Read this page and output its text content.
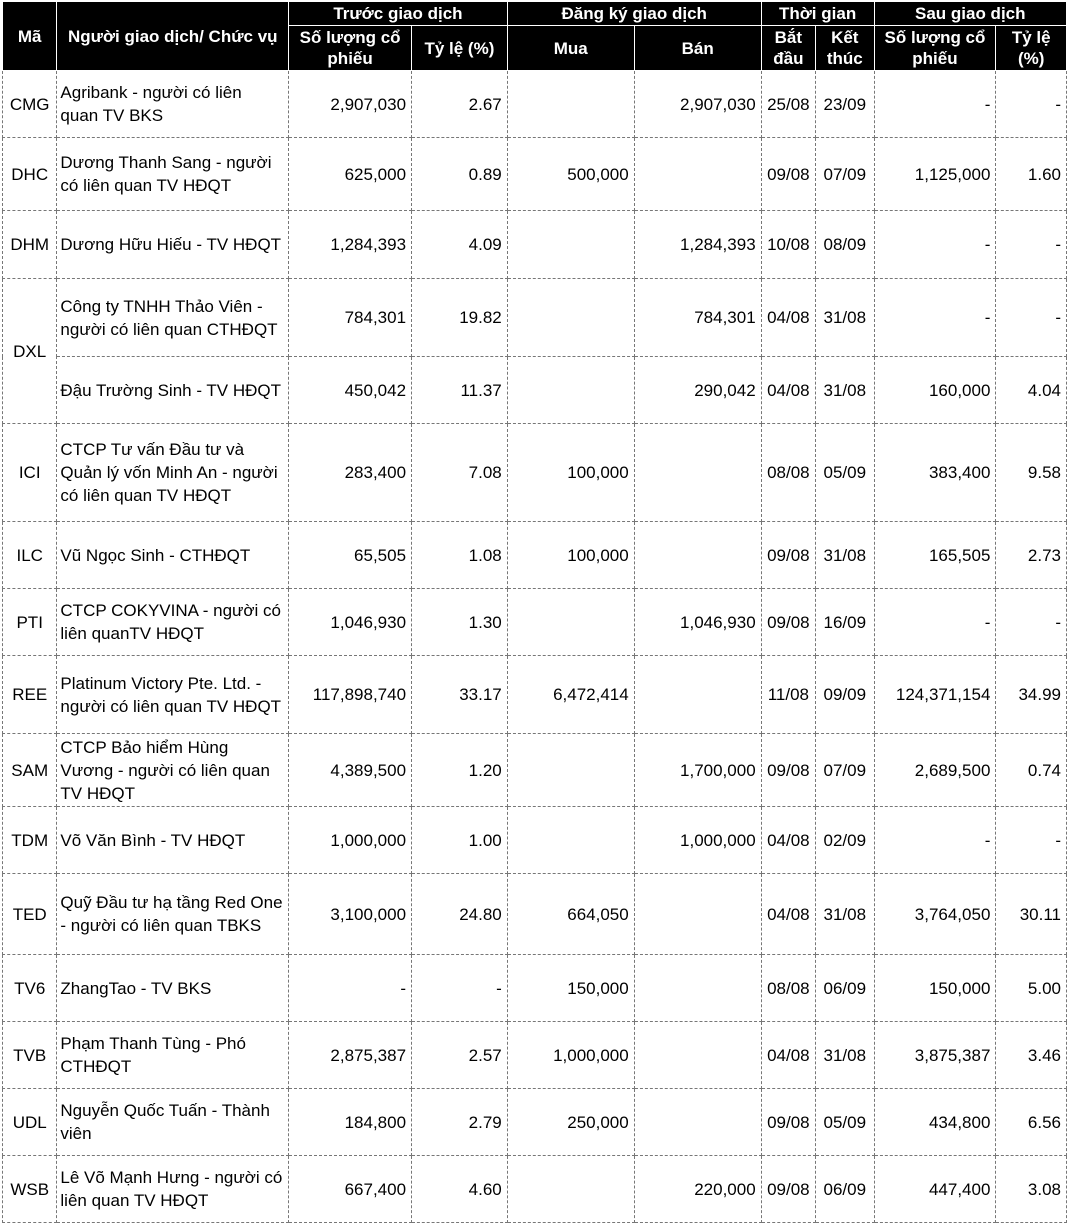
Mã	Người giao dịch/ Chức vụ	Trước giao dịch		Đăng ký giao dịch		Thời gian		Sau giao dịch	
		Số lượng cổ phiếu	Tỷ lệ (%)	Mua	Bán	Bắt đầu	Kết thúc	Số lượng cổ phiếu	Tỷ lệ (%)
CMG	Agribank - người có liên quan TV BKS	2,907,030	2.67		2,907,030	25/08	23/09	-	-
DHC	Dương Thanh Sang - người có liên quan TV HĐQT	625,000	0.89	500,000		09/08	07/09	1,125,000	1.60
DHM	Dương Hữu Hiếu - TV HĐQT	1,284,393	4.09		1,284,393	10/08	08/09	-	-
DXL	Công ty TNHH Thảo Viên - người có liên quan CTHĐQT	784,301	19.82		784,301	04/08	31/08	-	-
	Đậu Trường Sinh - TV HĐQT	450,042	11.37		290,042	04/08	31/08	160,000	4.04
ICI	CTCP Tư vấn Đầu tư và Quản lý vốn Minh An - người có liên quan TV HĐQT	283,400	7.08	100,000		08/08	05/09	383,400	9.58
ILC	Vũ Ngọc Sinh - CTHĐQT	65,505	1.08	100,000		09/08	31/08	165,505	2.73
PTI	CTCP COKYVINA - người có liên quanTV HĐQT	1,046,930	1.30		1,046,930	09/08	16/09	-	-
REE	Platinum Victory Pte. Ltd. - người có liên quan TV HĐQT	117,898,740	33.17	6,472,414		11/08	09/09	124,371,154	34.99
SAM	CTCP Bảo hiểm Hùng Vương - người có liên quan TV HĐQT	4,389,500	1.20		1,700,000	09/08	07/09	2,689,500	0.74
TDM	Võ Văn Bình - TV HĐQT	1,000,000	1.00		1,000,000	04/08	02/09	-	-
TED	Quỹ Đầu tư hạ tầng Red One - người có liên quan TBKS	3,100,000	24.80	664,050		04/08	31/08	3,764,050	30.11
TV6	ZhangTao - TV BKS	-	-	150,000		08/08	06/09	150,000	5.00
TVB	Phạm Thanh Tùng - Phó CTHĐQT	2,875,387	2.57	1,000,000		04/08	31/08	3,875,387	3.46
UDL	Nguyễn Quốc Tuấn - Thành viên	184,800	2.79	250,000		09/08	05/09	434,800	6.56
WSB	Lê Võ Mạnh Hưng - người có liên quan TV HĐQT	667,400	4.60		220,000	09/08	06/09	447,400	3.08
